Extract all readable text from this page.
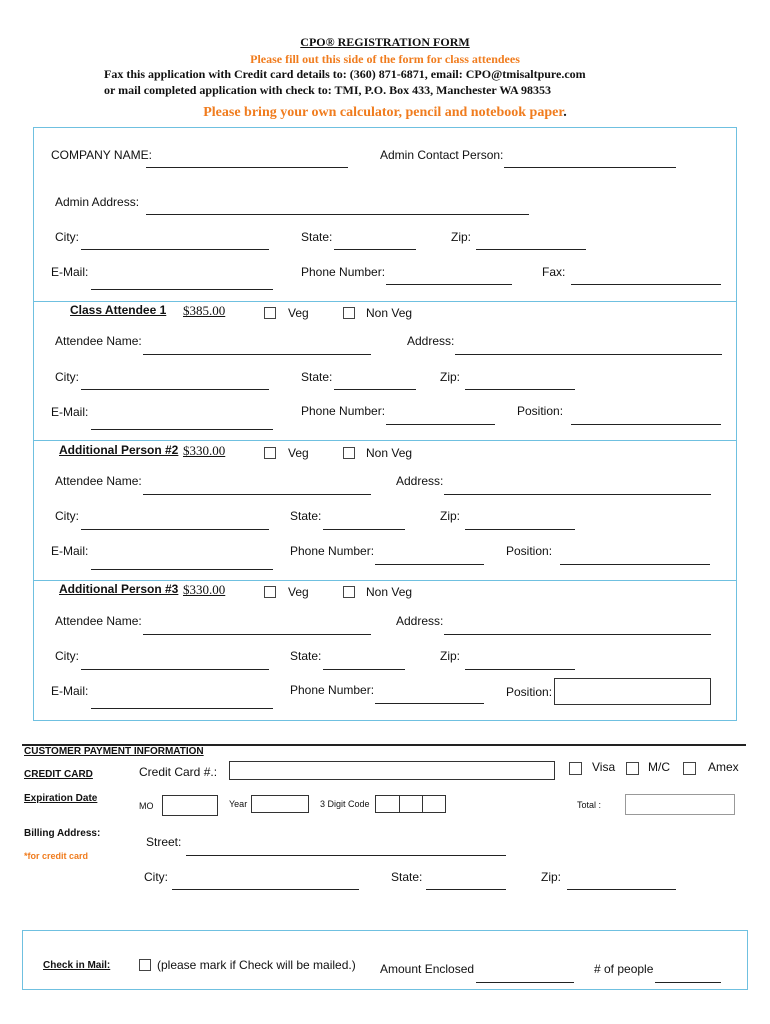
CPO® REGISTRATION FORM
Please fill out this side of the form for class attendees
Fax this application with Credit card details to: (360) 871-6871, email: CPO@tmisaltpure.com
or mail completed application with check to: TMI, P.O. Box 433, Manchester WA 98353
Please bring your own calculator, pencil and notebook paper.
COMPANY NAME:	Admin Contact Person:
Admin Address:
City:	State:	Zip:
E-Mail:	Phone Number:	Fax:
Class Attendee 1 $385.00	Veg	Non Veg
Attendee Name:	Address:
City:	State:	Zip:
E-Mail:	Phone Number:	Position:
Additional Person #2 $330.00	Veg	Non Veg
Attendee Name:	Address:
City:	State:	Zip:
E-Mail:	Phone Number:	Position:
Additional Person #3 $330.00	Veg	Non Veg
Attendee Name:	Address:
City:	State:	Zip:
E-Mail:	Phone Number:	Position:
CUSTOMER PAYMENT INFORMATION
CREDIT CARD	Credit Card #.:	Visa	M/C	Amex
Expiration Date
MO	Year	3 Digit Code	Total :
Billing Address:
*for credit card
Street:
City:	State:	Zip:
Check in Mail:	(please mark if Check will be mailed.) Amount Enclosed	# of people
